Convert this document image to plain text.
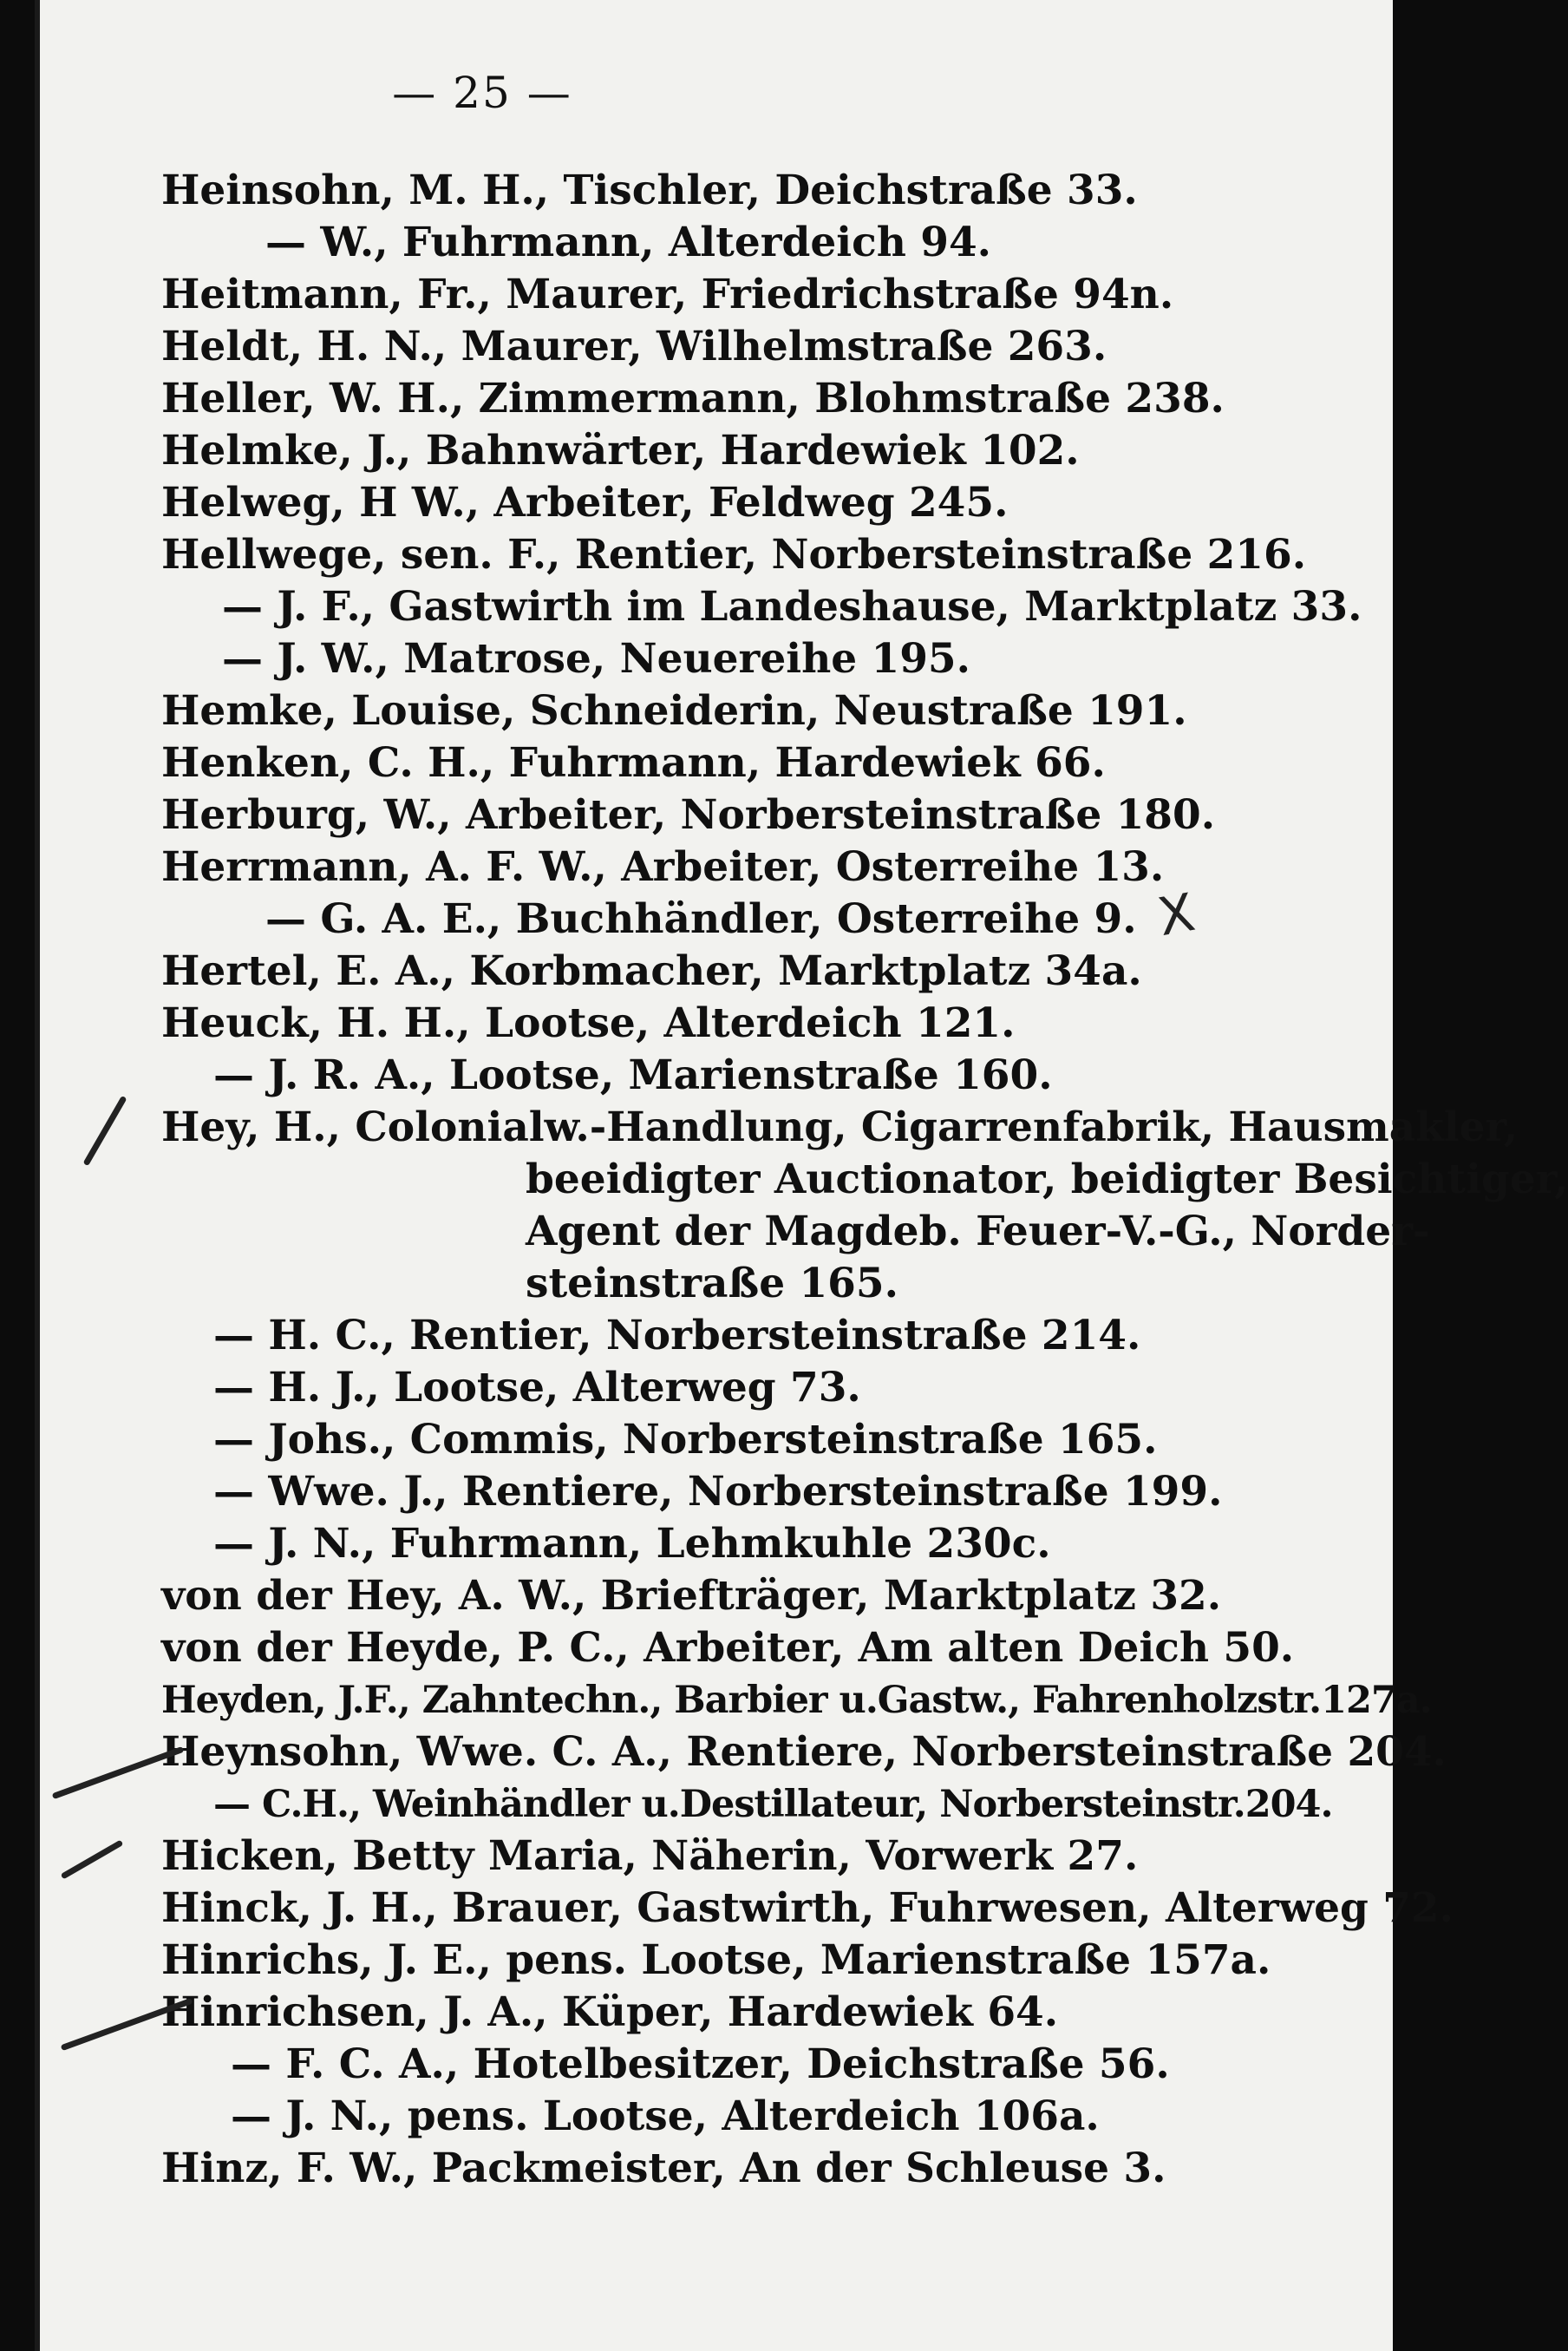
— 25 —
Heinsohn, M. H., Tischler, Deichstraße 33.
— W., Fuhrmann, Alterdeich 94.
Heitmann, Fr., Maurer, Friedrichstraße 94n.
Heldt, H. N., Maurer, Wilhelmstraße 263.
Heller, W. H., Zimmermann, Blohmstraße 238.
Helmke, J., Bahnwärter, Hardewiek 102.
Helweg, H W., Arbeiter, Feldweg 245.
Hellwege, sen. F., Rentier, Norbersteinstraße 216.
— J. F., Gastwirth im Landeshause, Marktplatz 33.
— J. W., Matrose, Neuereihe 195.
Hemke, Louise, Schneiderin, Neustraße 191.
Henken, C. H., Fuhrmann, Hardewiek 66.
Herburg, W., Arbeiter, Norbersteinstraße 180.
Herrmann, A. F. W., Arbeiter, Osterreihe 13.
— G. A. E., Buchhändler, Osterreihe 9.
Hertel, E. A., Korbmacher, Marktplatz 34a.
Heuck, H. H., Lootse, Alterdeich 121.
— J. R. A., Lootse, Marienstraße 160.
Hey, H., Colonialw.-Handlung, Cigarrenfabrik, Hausmakler,
beeidigter Auctionator, beidigter Besichtiger,
Agent der Magdeb. Feuer-V.-G., Norder-
steinstraße 165.
— H. C., Rentier, Norbersteinstraße 214.
— H. J., Lootse, Alterweg 73.
— Johs., Commis, Norbersteinstraße 165.
— Wwe. J., Rentiere, Norbersteinstraße 199.
— J. N., Fuhrmann, Lehmkuhle 230c.
von der Hey, A. W., Briefträger, Marktplatz 32.
von der Heyde, P. C., Arbeiter, Am alten Deich 50.
Heyden, J.F., Zahntechn., Barbier u.Gastw., Fahrenholzstr.127a.
Heynsohn, Wwe. C. A., Rentiere, Norbersteinstraße 204.
— C.H., Weinhändler u.Destillateur, Norbersteinstr.204.
Hicken, Betty Maria, Näherin, Vorwerk 27.
Hinck, J. H., Brauer, Gastwirth, Fuhrwesen, Alterweg 72.
Hinrichs, J. E., pens. Lootse, Marienstraße 157a.
Hinrichsen, J. A., Küper, Hardewiek 64.
— F. C. A., Hotelbesitzer, Deichstraße 56.
— J. N., pens. Lootse, Alterdeich 106a.
Hinz, F. W., Packmeister, An der Schleuse 3.
X
